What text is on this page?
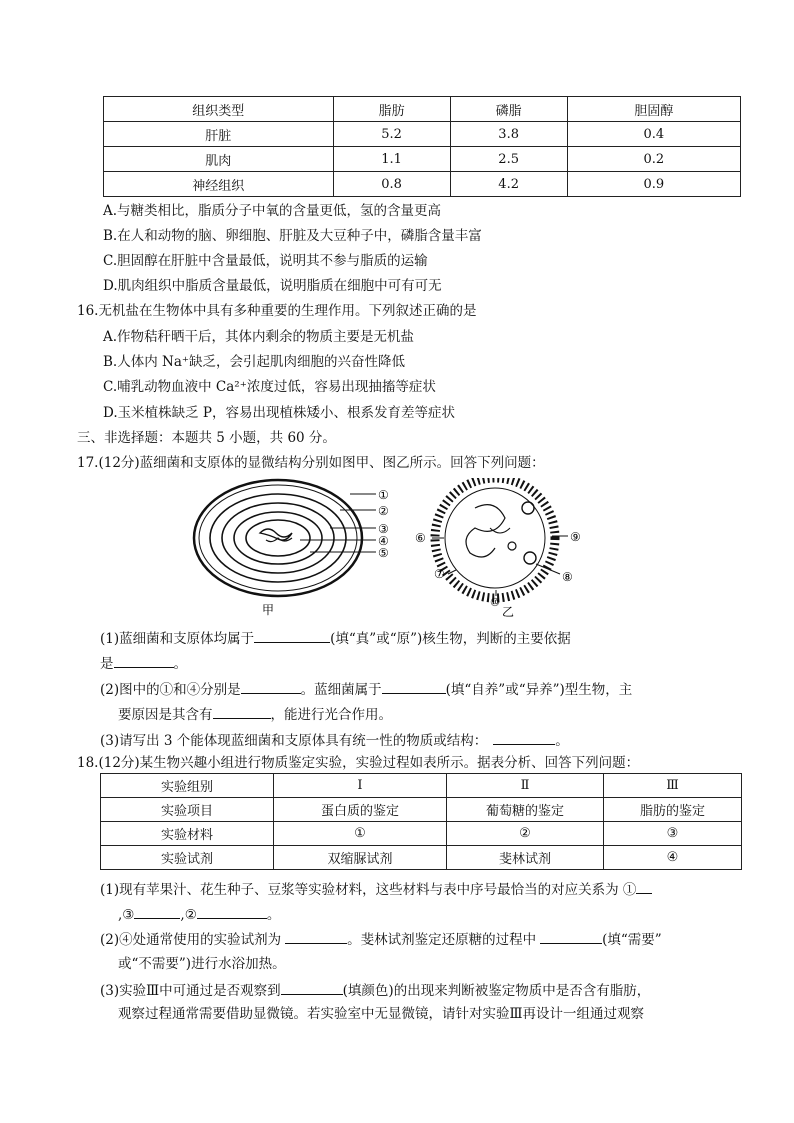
组织类型	脂肪	磷脂	胆固醇
肝脏	5.2	3.8	0.4
肌肉	1.1	2.5	0.2
神经组织	0.8	4.2	0.9
A.与糖类相比，脂质分子中氧的含量更低，氢的含量更高
B.在人和动物的脑、卵细胞、肝脏及大豆种子中，磷脂含量丰富
C.胆固醇在肝脏中含量最低，说明其不参与脂质的运输
D.肌肉组织中脂质含量最低，说明脂质在细胞中可有可无
16.无机盐在生物体中具有多种重要的生理作用。下列叙述正确的是
A.作物秸秆晒干后，其体内剩余的物质主要是无机盐
B.人体内 Na⁺缺乏，会引起肌肉细胞的兴奋性降低
C.哺乳动物血液中 Ca²⁺浓度过低，容易出现抽搐等症状
D.玉米植株缺乏 P，容易出现植株矮小、根系发育差等症状
三、非选择题：本题共 5 小题，共 60 分。
17.(12分)蓝细菌和支原体的显微结构分别如图甲、图乙所示。回答下列问题：
①
②
③
④
⑤
甲
⑥
⑦	⑧
⑨
⑩
乙
(1)蓝细菌和支原体均属于	(填“真”或“原”)核生物，判断的主要依据
是	。
(2)图中的①和④分别是	。蓝细菌属于	(填“自养”或“异养”)型生物，主
要原因是其含有	，能进行光合作用。
(3)请写出 3 个能体现蓝细菌和支原体具有统一性的物质或结构：	。
18.(12分)某生物兴趣小组进行物质鉴定实验，实验过程如表所示。据表分析、回答下列问题：
实验组别	Ⅰ	Ⅱ	Ⅲ
实验项目	蛋白质的鉴定	葡萄糖的鉴定	脂肪的鉴定
实验材料	①	②	③
实验试剂	双缩脲试剂	斐林试剂	④
(1)现有苹果汁、花生种子、豆浆等实验材料，这些材料与表中序号最恰当的对应关系为 ①
,③	,②	。
(2)④处通常使用的实验试剂为	。斐林试剂鉴定还原糖的过程中	(填“需要”
或“不需要”)进行水浴加热。
(3)实验Ⅲ中可通过是否观察到	(填颜色)的出现来判断被鉴定物质中是否含有脂肪，
观察过程通常需要借助显微镜。若实验室中无显微镜，请针对实验Ⅲ再设计一组通过观察
